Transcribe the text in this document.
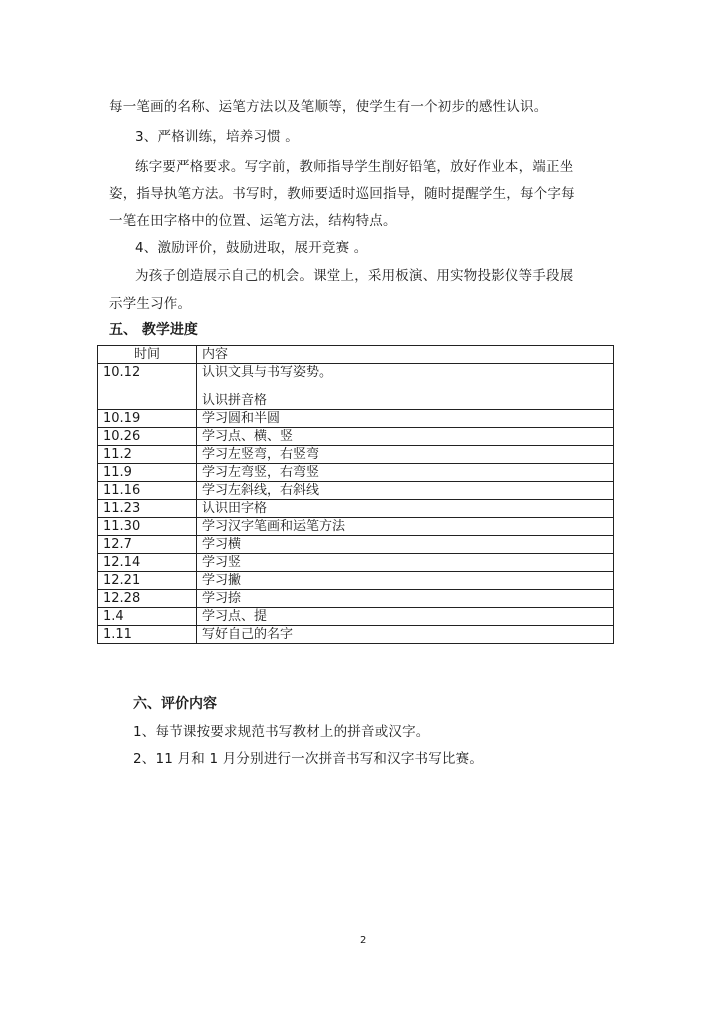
每一笔画的名称、运笔方法以及笔顺等，使学生有一个初步的感性认识。
3、严格训练，培养习惯 。
练字要严格要求。写字前，教师指导学生削好铅笔，放好作业本，端正坐
姿，指导执笔方法。书写时，教师要适时巡回指导，随时提醒学生，每个字每
一笔在田字格中的位置、运笔方法，结构特点。
4、激励评价，鼓励进取，展开竞赛 。
为孩子创造展示自己的机会。课堂上，采用板演、用实物投影仪等手段展
示学生习作。
五、 教学进度
时间	内容
10.12	认识文具与书写姿势。
认识拼音格

10.19	学习圆和半圆
10.26	学习点、横、竖
11.2	学习左竖弯，右竖弯
11.9	学习左弯竖，右弯竖
11.16	学习左斜线，右斜线
11.23	认识田字格
11.30	学习汉字笔画和运笔方法
12.7	学习横
12.14	学习竖
12.21	学习撇
12.28	学习捺
1.4	学习点、提
1.11	写好自己的名字
六、评价内容
1、每节课按要求规范书写教材上的拼音或汉字。
2、11 月和 1 月分别进行一次拼音书写和汉字书写比赛。
2
